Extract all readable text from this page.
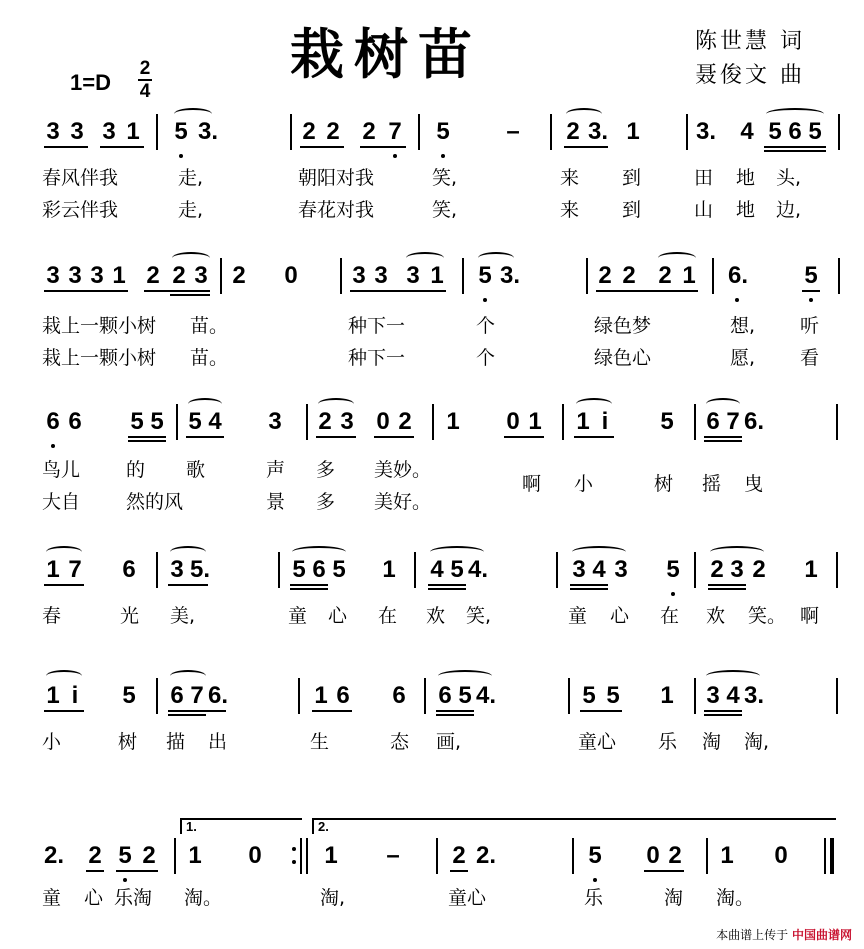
栽树苗	陈世慧 词
聂俊文 曲
1=D
2
4
3 3 3 1 5 3.	2 2 2 7 5 – 2 3. 1 3. 4 5 6 5
春风伴我	走,	朝阳对我	笑,	来 到	田 地 头,
彩云伴我	走,	春花对我	笑,	来 到	山 地 边,
3 3 3 1 2 2 3 2 0 3 3 3 1 5 3.	2 2 2 1 6. 5
栽上一颗小树 苗。	种下一	个	绿色梦	想, 听
栽上一颗小树 苗。	种下一	个	绿色心	愿, 看
6 6 5 5 5 4 3 2 3 0 2 1 0 1 1 i 5 6 7 6.
鸟儿 的 歌	声 多 美妙。
大自 然的风	景 多 美好。
啊 小	树 摇 曳
1 7 6 3 5.	5 6 5 1 4 5 4.	3 4 3 5 2 3 2 1
春	光 美,	童 心 在 欢 笑,	童 心 在 欢 笑。 啊
1 i 5 6 7 6.	1 6 6 6 5 4.	5 5 1 3 4 3.
小	树 描 出	生	态 画,	童心 乐 淘 淘,
1.	2.
2. 2 5 2 1 0	1 – 2 2.	5 0 2 1 0
童 心 乐淘 淘。	淘,	童心	乐	淘 淘。
本曲谱上传于 中国曲谱网
